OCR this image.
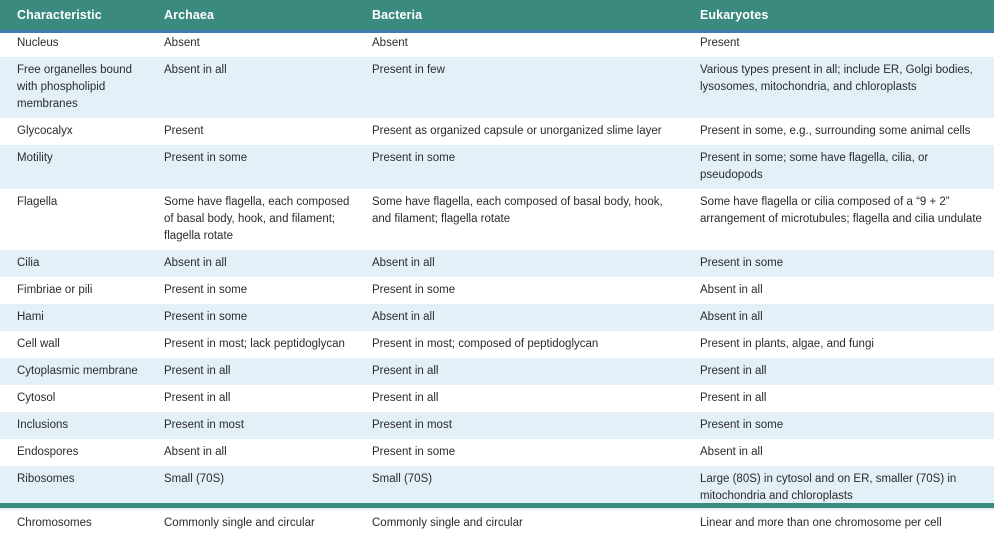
Characteristic	Archaea	Bacteria	Eukaryotes
Nucleus	Absent	Absent	Present
Free organelles bound with phospholipid membranes	Absent in all	Present in few	Various types present in all; include ER, Golgi bodies, lysosomes, mitochondria, and chloroplasts
Glycocalyx	Present	Present as organized capsule or unorganized slime layer	Present in some, e.g., surrounding some animal cells
Motility	Present in some	Present in some	Present in some; some have flagella, cilia, or pseudopods
Flagella	Some have flagella, each composed of basal body, hook, and filament; flagella rotate	Some have flagella, each composed of basal body, hook, and filament; flagella rotate	Some have flagella or cilia composed of a “9 + 2” arrangement of microtubules; flagella and cilia undulate
Cilia	Absent in all	Absent in all	Present in some
Fimbriae or pili	Present in some	Present in some	Absent in all
Hami	Present in some	Absent in all	Absent in all
Cell wall	Present in most; lack peptidoglycan	Present in most; composed of peptidoglycan	Present in plants, algae, and fungi
Cytoplasmic membrane	Present in all	Present in all	Present in all
Cytosol	Present in all	Present in all	Present in all
Inclusions	Present in most	Present in most	Present in some
Endospores	Absent in all	Present in some	Absent in all
Ribosomes	Small (70S)	Small (70S)	Large (80S) in cytosol and on ER, smaller (70S) in mitochondria and chloroplasts
Chromosomes	Commonly single and circular	Commonly single and circular	Linear and more than one chromosome per cell
